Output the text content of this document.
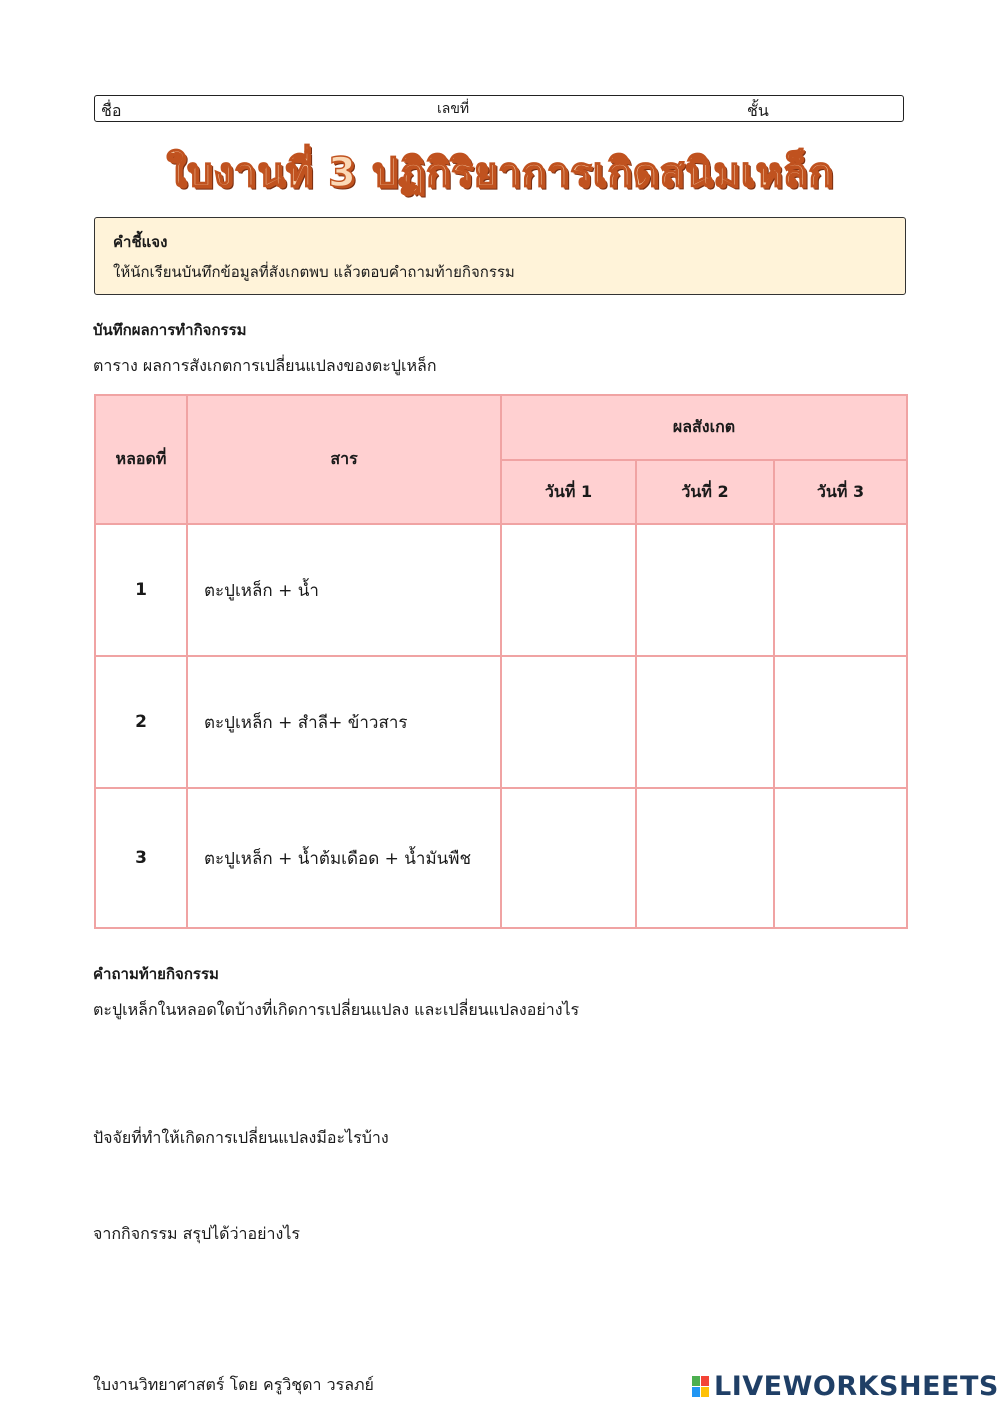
ชื่อ	เลขที่	ชั้น
ใบงานที่ 3 ปฏิกิริยาการเกิดสนิมเหล็ก
คำชี้แจง
ให้นักเรียนบันทึกข้อมูลที่สังเกตพบ แล้วตอบคำถามท้ายกิจกรรม
บันทึกผลการทำกิจกรรม
ตาราง ผลการสังเกตการเปลี่ยนแปลงของตะปูเหล็ก
หลอดที่	สาร	ผลสังเกต		
		วันที่ 1	วันที่ 2	วันที่ 3
1	ตะปูเหล็ก + น้ำ			
2	ตะปูเหล็ก + สำลี+ ข้าวสาร			
3	ตะปูเหล็ก + น้ำต้มเดือด + น้ำมันพืช			
คำถามท้ายกิจกรรม
ตะปูเหล็กในหลอดใดบ้างที่เกิดการเปลี่ยนแปลง และเปลี่ยนแปลงอย่างไร
ปัจจัยที่ทำให้เกิดการเปลี่ยนแปลงมีอะไรบ้าง
จากกิจกรรม สรุปได้ว่าอย่างไร
ใบงานวิทยาศาสตร์ โดย ครูวิชุดา วรลภย์	LIVEWORKSHEETS
